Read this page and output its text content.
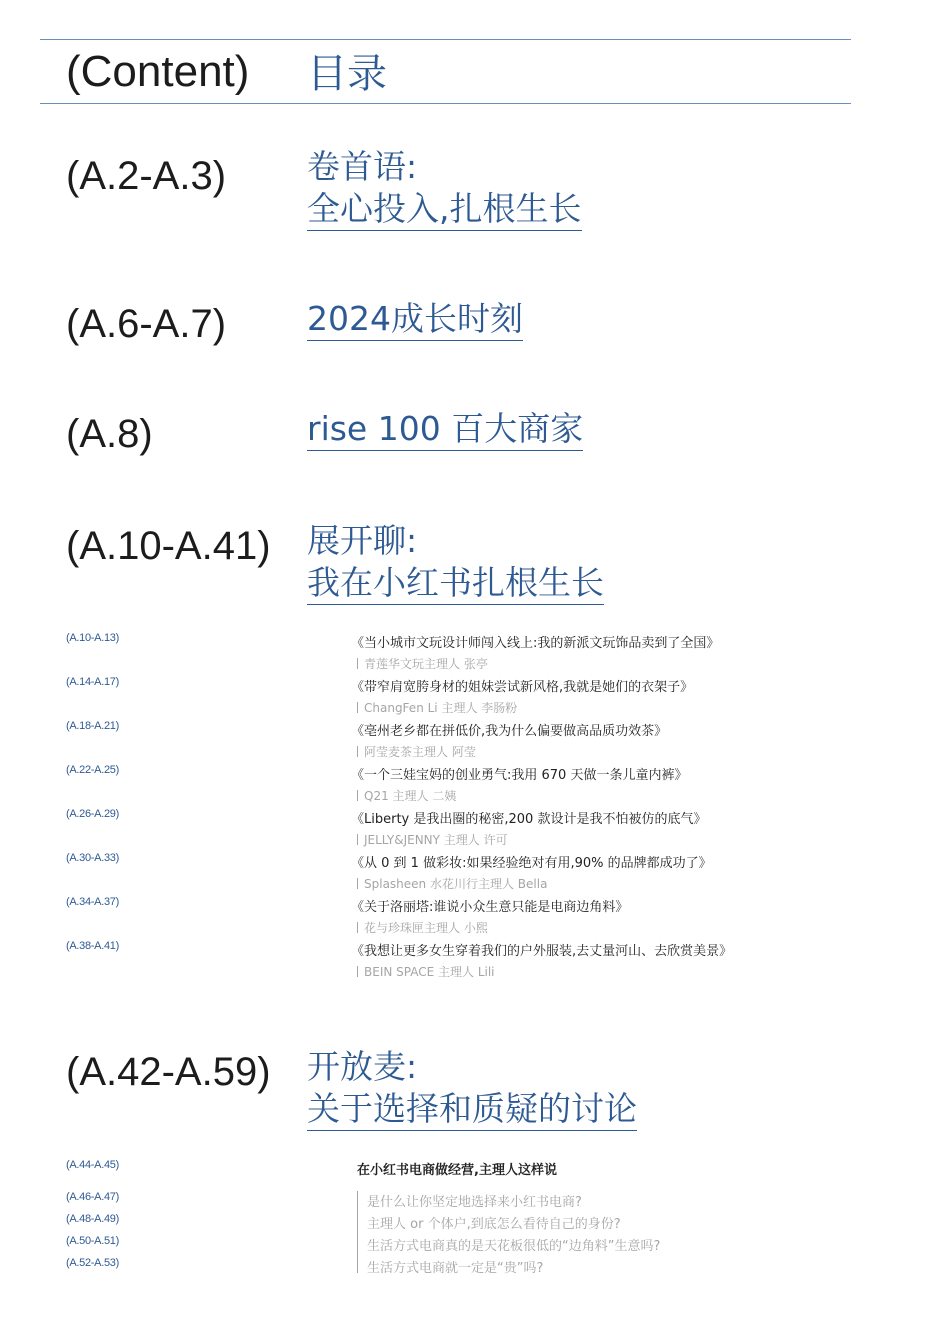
(Content) 目录
(A.2-A.3) 卷首语:
全心投入,扎根生长
(A.6-A.7) 2024成长时刻
(A.8)	rise 100 百大商家
(A.10-A.41) 展开聊:
我在小红书扎根生长
(A.10-A.13)	《当小城市文玩设计师闯入线上:我的新派文玩饰品卖到了全国》
青莲华文玩主理人 张亭
(A.14-A.17)	《带窄肩宽胯身材的姐妹尝试新风格,我就是她们的衣架子》
ChangFen Li 主理人 李肠粉
(A.18-A.21)	《亳州老乡都在拼低价,我为什么偏要做高品质功效茶》
阿莹麦茶主理人 阿莹
(A.22-A.25)	《一个三娃宝妈的创业勇气:我用 670 天做一条儿童内裤》
Q21 主理人 二姨
(A.26-A.29)	《Liberty 是我出圈的秘密,200 款设计是我不怕被仿的底气》
JELLY&JENNY 主理人 许可
(A.30-A.33)	《从 0 到 1 做彩妆:如果经验绝对有用,90% 的品牌都成功了》
Splasheen 水花川行主理人 Bella
(A.34-A.37)	《关于洛丽塔:谁说小众生意只能是电商边角料》
花与珍珠匣主理人 小熙
(A.38-A.41)	《我想让更多女生穿着我们的户外服装,去丈量河山、去欣赏美景》
BEIN SPACE 主理人 Lili
(A.42-A.59) 开放麦:
关于选择和质疑的讨论
(A.44-A.45)	在小红书电商做经营,主理人这样说
(A.46-A.47)	是什么让你坚定地选择来小红书电商?
(A.48-A.49)	主理人 or 个体户,到底怎么看待自己的身份?
(A.50-A.51)	生活方式电商真的是天花板很低的“边角料”生意吗?
(A.52-A.53)	生活方式电商就一定是“贵”吗?
